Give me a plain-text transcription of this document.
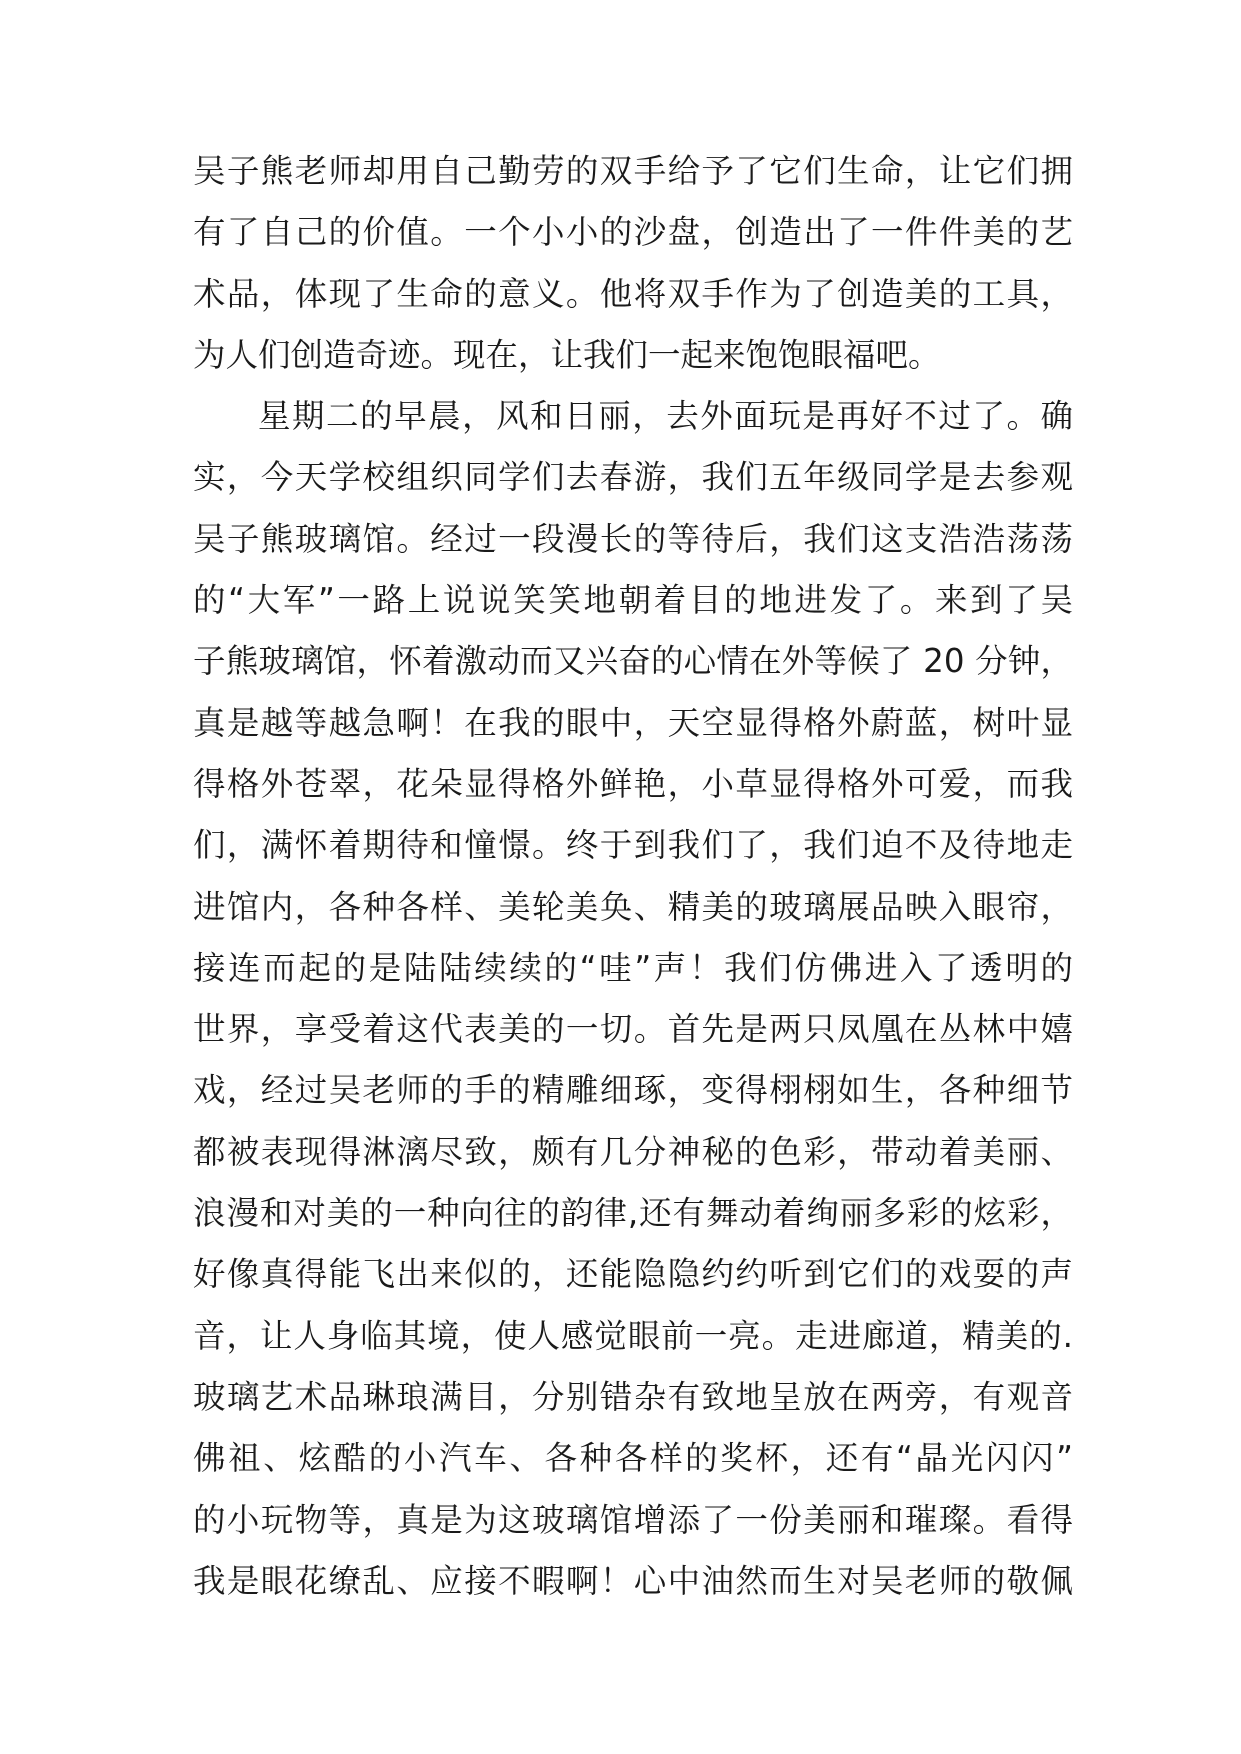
吴子熊老师却用自己勤劳的双手给予了它们生命，让它们拥
有了自己的价值。一个小小的沙盘，创造出了一件件美的艺
术品，体现了生命的意义。他将双手作为了创造美的工具，
为人们创造奇迹。现在，让我们一起来饱饱眼福吧。
星期二的早晨，风和日丽，去外面玩是再好不过了。确
实，今天学校组织同学们去春游，我们五年级同学是去参观
吴子熊玻璃馆。经过一段漫长的等待后，我们这支浩浩荡荡
的“大军”一路上说说笑笑地朝着目的地进发了。来到了吴
子熊玻璃馆，怀着激动而又兴奋的心情在外等候了 20 分钟，
真是越等越急啊！在我的眼中，天空显得格外蔚蓝，树叶显
得格外苍翠，花朵显得格外鲜艳，小草显得格外可爱，而我
们，满怀着期待和憧憬。终于到我们了，我们迫不及待地走
进馆内，各种各样、美轮美奂、精美的玻璃展品映入眼帘，
接连而起的是陆陆续续的“哇”声！我们仿佛进入了透明的
世界，享受着这代表美的一切。首先是两只凤凰在丛林中嬉
戏，经过吴老师的手的精雕细琢，变得栩栩如生，各种细节
都被表现得淋漓尽致，颇有几分神秘的色彩，带动着美丽、
浪漫和对美的一种向往的韵律,还有舞动着绚丽多彩的炫彩，
好像真得能飞出来似的，还能隐隐约约听到它们的戏耍的声
音，让人身临其境，使人感觉眼前一亮。走进廊道，精美的.
玻璃艺术品琳琅满目，分别错杂有致地呈放在两旁，有观音
佛祖、炫酷的小汽车、各种各样的奖杯，还有“晶光闪闪”
的小玩物等，真是为这玻璃馆增添了一份美丽和璀璨。看得
我是眼花缭乱、应接不暇啊！心中油然而生对吴老师的敬佩
